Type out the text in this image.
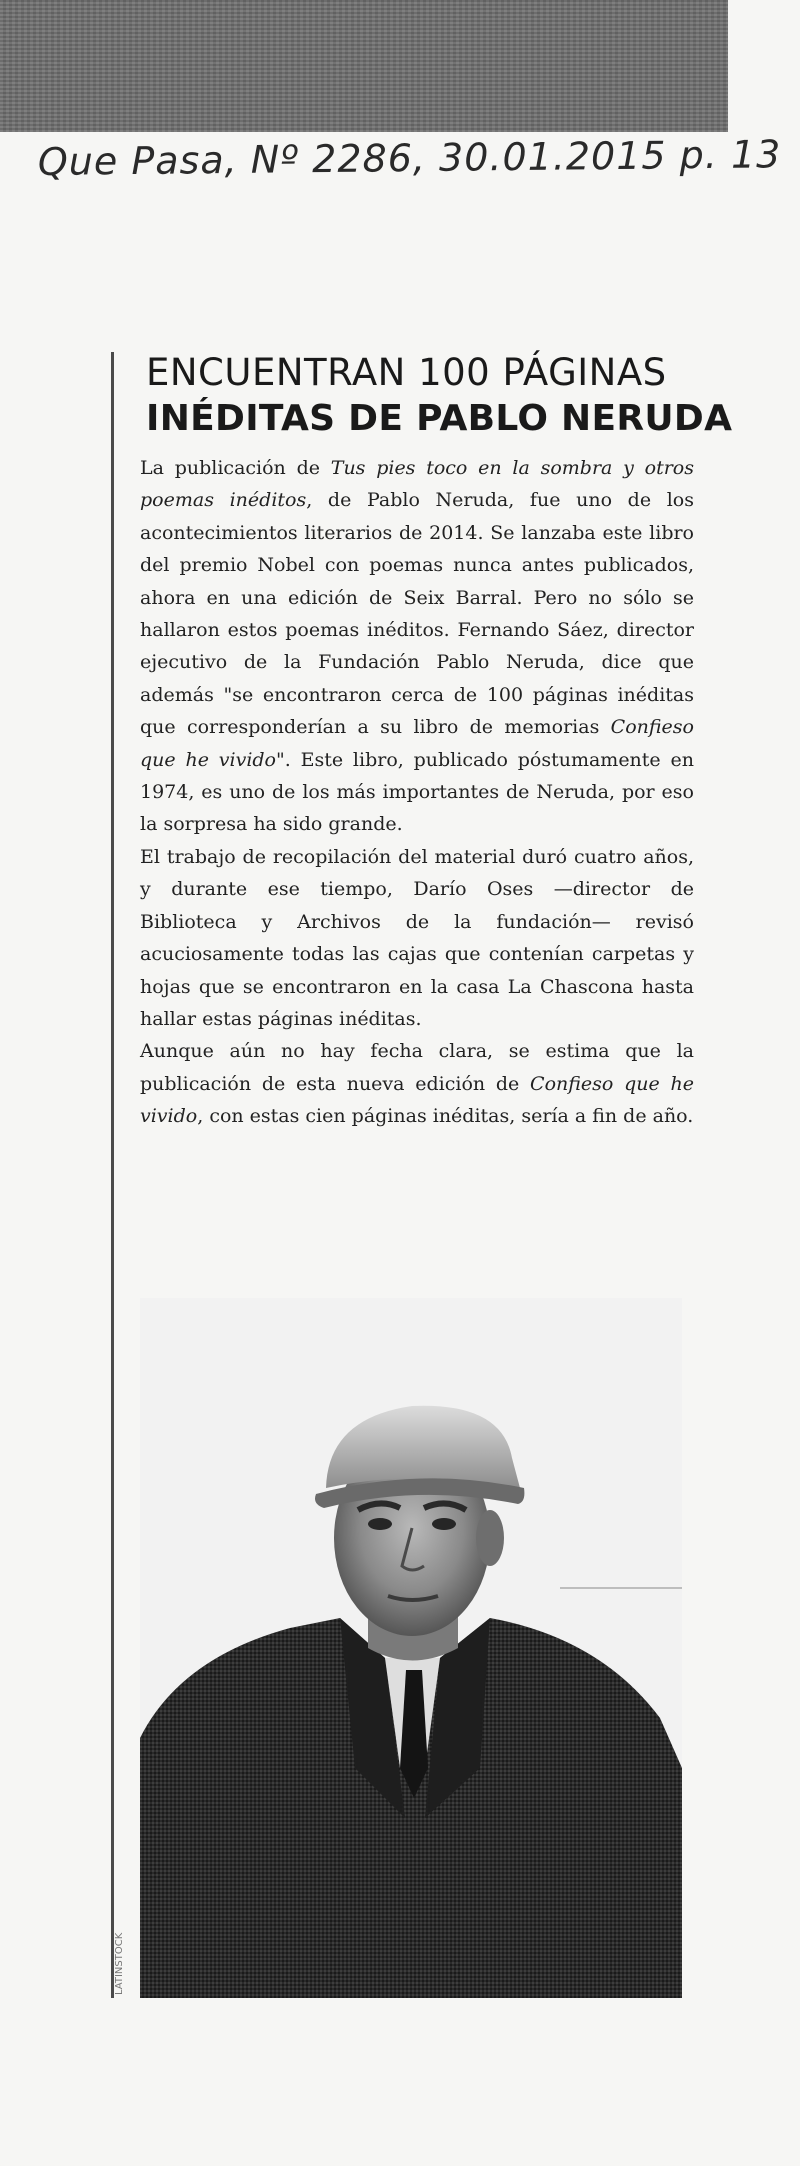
Que Pasa, Nº 2286, 30.01.2015 p. 13
ENCUENTRAN 100 PÁGINAS
INÉDITAS DE PABLO NERUDA

La publicación de Tus pies toco en la sombra y otros poemas inéditos, de Pablo Neruda, fue uno de los acontecimientos literarios de 2014. Se lanzaba este libro del premio Nobel con poemas nunca antes publicados, ahora en una edición de Seix Barral. Pero no sólo se hallaron estos poemas inéditos. Fernando Sáez, director ejecutivo de la Fundación Pablo Neruda, dice que además "se encontraron cerca de 100 páginas inéditas que corresponderían a su libro de memorias Confieso que he vivido". Este libro, publicado póstumamente en 1974, es uno de los más importantes de Neruda, por eso la sorpresa ha sido grande.

El trabajo de recopilación del material duró cuatro años, y durante ese tiempo, Darío Oses —director de Biblioteca y Archivos de la fundación— revisó acuciosamente todas las cajas que contenían carpetas y hojas que se encontraron en la casa La Chascona hasta hallar estas páginas inéditas.

Aunque aún no hay fecha clara, se estima que la publicación de esta nueva edición de Confieso que he vivido, con estas cien páginas inéditas, sería a fin de año.

LATINSTOCK
